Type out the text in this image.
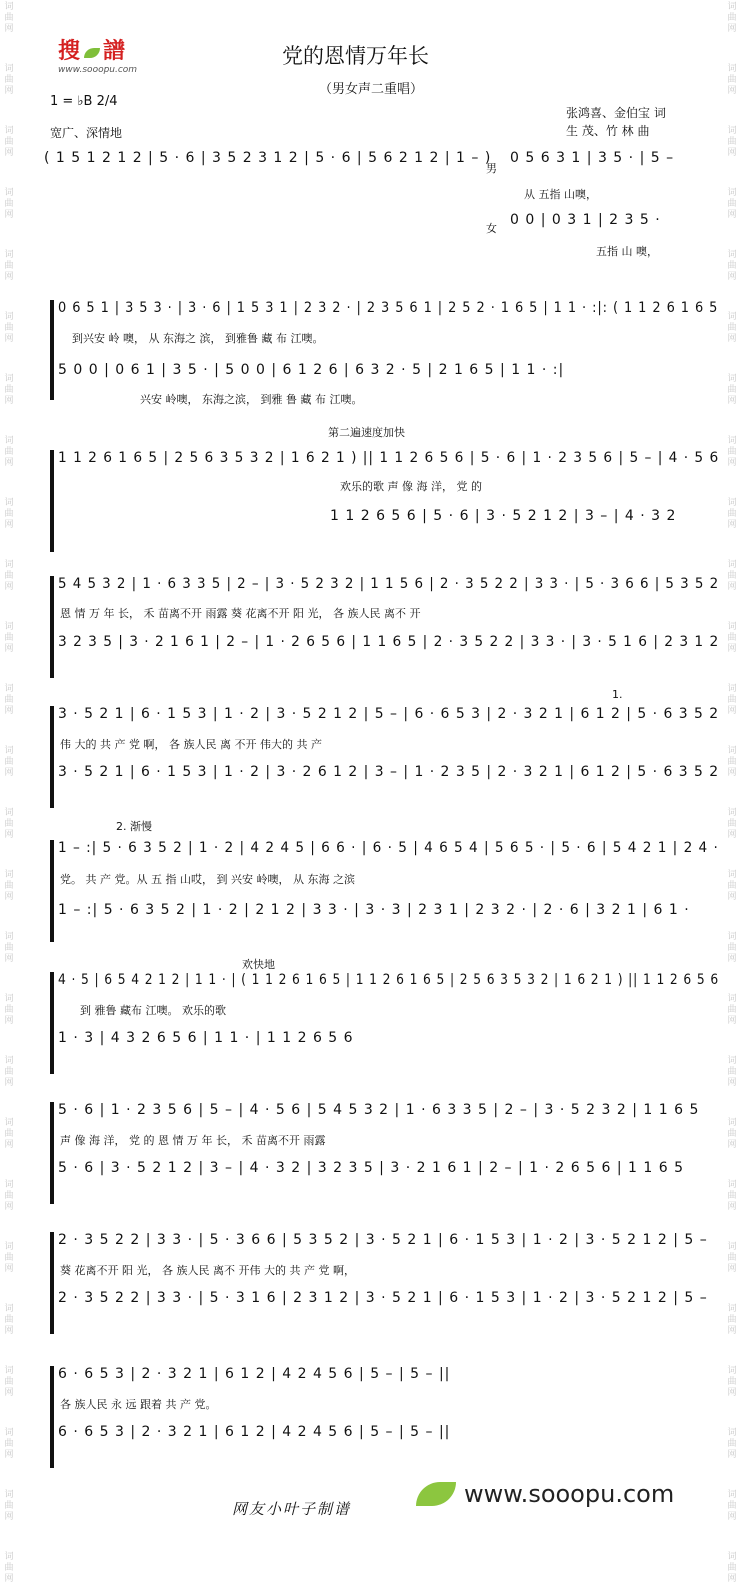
词曲网
词曲网
词曲网
词曲网
词曲网
词曲网
词曲网
词曲网
词曲网
词曲网
词曲网
词曲网
词曲网
词曲网
词曲网
词曲网
词曲网
词曲网
词曲网
词曲网
词曲网
词曲网
词曲网
词曲网
词曲网
词曲网
词曲网
词曲网
词曲网
词曲网
词曲网
词曲网
词曲网
词曲网
词曲网
词曲网
词曲网
词曲网
词曲网
词曲网
词曲网
词曲网
词曲网
词曲网
词曲网
词曲网
词曲网
词曲网
词曲网
词曲网
词曲网
词曲网
搜 譜
www.sooopu.com
党的恩情万年长
（男女声二重唱）
1 = ♭B 2/4
宽广、深情地
张鸿喜、金伯宝 词
生 茂、竹 林 曲
男
女
第二遍速度加快
1.
2. 渐慢
欢快地
( 1 5 1 2 1 2 | 5 · 6 | 3 5 2 3 1 2 | 5 · 6 | 5 6 2 1 2 | 1 – ) 0 5 6 3 1 | 3 5 · | 5 –
0 0 | 0 3 1 | 2 3 5 ·
0 6 5 1 | 3 5 3 · | 3 · 6 | 1 5 3 1 | 2 3 2 · | 2 3 5 6 1 | 2 5 2 · 1 6 5 | 1 1 · :|: ( 1 1 2 6 1 6 5
5 0 0 | 0 6 1 | 3 5 · | 5 0 0 | 6 1 2 6 | 6 3 2 · 5 | 2 1 6 5 | 1 1 · :|
1 1 2 6 1 6 5 | 2 5 6 3 5 3 2 | 1 6 2 1 ) || 1 1 2 6 5 6 | 5 · 6 | 1 · 2 3 5 6 | 5 – | 4 · 5 6
1 1 2 6 5 6 | 5 · 6 | 3 · 5 2 1 2 | 3 – | 4 · 3 2
5 4 5 3 2 | 1 · 6 3 3 5 | 2 – | 3 · 5 2 3 2 | 1 1 5 6 | 2 · 3 5 2 2 | 3 3 · | 5 · 3 6 6 | 5 3 5 2
3 2 3 5 | 3 · 2 1 6 1 | 2 – | 1 · 2 6 5 6 | 1 1 6 5 | 2 · 3 5 2 2 | 3 3 · | 3 · 5 1 6 | 2 3 1 2
3 · 5 2 1 | 6 · 1 5 3 | 1 · 2 | 3 · 5 2 1 2 | 5 – | 6 · 6 5 3 | 2 · 3 2 1 | 6 1 2 | 5 · 6 3 5 2
3 · 5 2 1 | 6 · 1 5 3 | 1 · 2 | 3 · 2 6 1 2 | 3 – | 1 · 2 3 5 | 2 · 3 2 1 | 6 1 2 | 5 · 6 3 5 2
1 – :| 5 · 6 3 5 2 | 1 · 2 | 4 2 4 5 | 6 6 · | 6 · 5 | 4 6 5 4 | 5 6 5 · | 5 · 6 | 5 4 2 1 | 2 4 ·
1 – :| 5 · 6 3 5 2 | 1 · 2 | 2 1 2 | 3 3 · | 3 · 3 | 2 3 1 | 2 3 2 · | 2 · 6 | 3 2 1 | 6 1 ·
4 · 5 | 6 5 4 2 1 2 | 1 1 · | ( 1 1 2 6 1 6 5 | 1 1 2 6 1 6 5 | 2 5 6 3 5 3 2 | 1 6 2 1 ) || 1 1 2 6 5 6
1 · 3 | 4 3 2 6 5 6 | 1 1 · | 1 1 2 6 5 6
5 · 6 | 1 · 2 3 5 6 | 5 – | 4 · 5 6 | 5 4 5 3 2 | 1 · 6 3 3 5 | 2 – | 3 · 5 2 3 2 | 1 1 6 5
5 · 6 | 3 · 5 2 1 2 | 3 – | 4 · 3 2 | 3 2 3 5 | 3 · 2 1 6 1 | 2 – | 1 · 2 6 5 6 | 1 1 6 5
2 · 3 5 2 2 | 3 3 · | 5 · 3 6 6 | 5 3 5 2 | 3 · 5 2 1 | 6 · 1 5 3 | 1 · 2 | 3 · 5 2 1 2 | 5 –
2 · 3 5 2 2 | 3 3 · | 5 · 3 1 6 | 2 3 1 2 | 3 · 5 2 1 | 6 · 1 5 3 | 1 · 2 | 3 · 5 2 1 2 | 5 –
6 · 6 5 3 | 2 · 3 2 1 | 6 1 2 | 4 2 4 5 6 | 5 – | 5 – ||
6 · 6 5 3 | 2 · 3 2 1 | 6 1 2 | 4 2 4 5 6 | 5 – | 5 – ||
从 五指 山噢，
五指 山 噢，
到兴安 岭 噢， 从 东海之 滨， 到雅鲁 藏 布 江噢。
兴安 岭噢， 东海之滨， 到雅 鲁 藏 布 江噢。
欢乐的歌 声 像 海 洋， 党 的
恩 情 万 年 长， 禾 苗离不开 雨露 葵 花离不开 阳 光， 各 族人民 离不 开
伟 大的 共 产 党 啊， 各 族人民 离 不开 伟大的 共 产
党。 共 产 党。从 五 指 山哎， 到 兴安 岭噢， 从 东海 之滨
到 雅鲁 藏布 江噢。 欢乐的歌
声 像 海 洋， 党 的 恩 情 万 年 长， 禾 苗离不开 雨露
葵 花离不开 阳 光， 各 族人民 离不 开伟 大的 共 产 党 啊，
各 族人民 永 远 跟着 共 产 党。
网友小叶子制谱
www.sooopu.com
